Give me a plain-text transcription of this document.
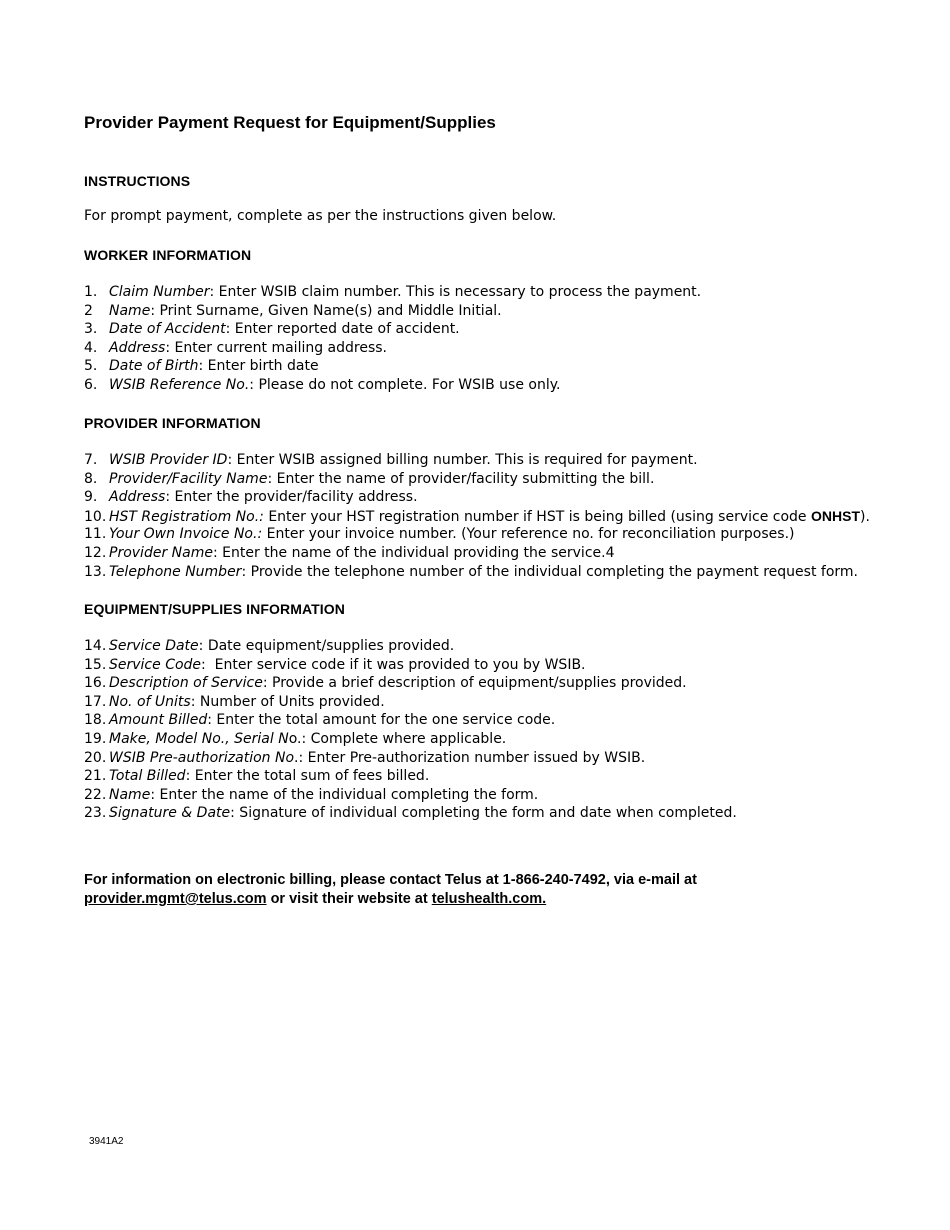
Provider Payment Request for Equipment/Supplies
INSTRUCTIONS

For prompt payment, complete as per the instructions given below.

WORKER INFORMATION
1. Claim Number: Enter WSIB claim number. This is necessary to process the payment.
2 Name: Print Surname, Given Name(s) and Middle Initial.
3. Date of Accident: Enter reported date of accident.
4. Address: Enter current mailing address.
5. Date of Birth: Enter birth date
6. WSIB Reference No.: Please do not complete. For WSIB use only.
PROVIDER INFORMATION
7. WSIB Provider ID: Enter WSIB assigned billing number. This is required for payment.
8. Provider/Facility Name: Enter the name of provider/facility submitting the bill.
9. Address: Enter the provider/facility address.
10. HST Registratiom No.: Enter your HST registration number if HST is being billed (using service code ONHST).
11. Your Own Invoice No.: Enter your invoice number. (Your reference no. for reconciliation purposes.)
12. Provider Name: Enter the name of the individual providing the service.4
13. Telephone Number: Provide the telephone number of the individual completing the payment request form.
EQUIPMENT/SUPPLIES INFORMATION
14. Service Date: Date equipment/supplies provided.
15. Service Code:  Enter service code if it was provided to you by WSIB.
16. Description of Service: Provide a brief description of equipment/supplies provided.
17. No. of Units: Number of Units provided.
18. Amount Billed: Enter the total amount for the one service code.
19. Make, Model No., Serial No.: Complete where applicable.
20. WSIB Pre-authorization No.: Enter Pre-authorization number issued by WSIB.
21. Total Billed: Enter the total sum of fees billed.
22. Name: Enter the name of the individual completing the form.
23. Signature & Date: Signature of individual completing the form and date when completed.

For information on electronic billing, please contact Telus at 1-866-240-7492, via e-mail at
provider.mgmt@telus.com or visit their website at telushealth.com.

3941A2
